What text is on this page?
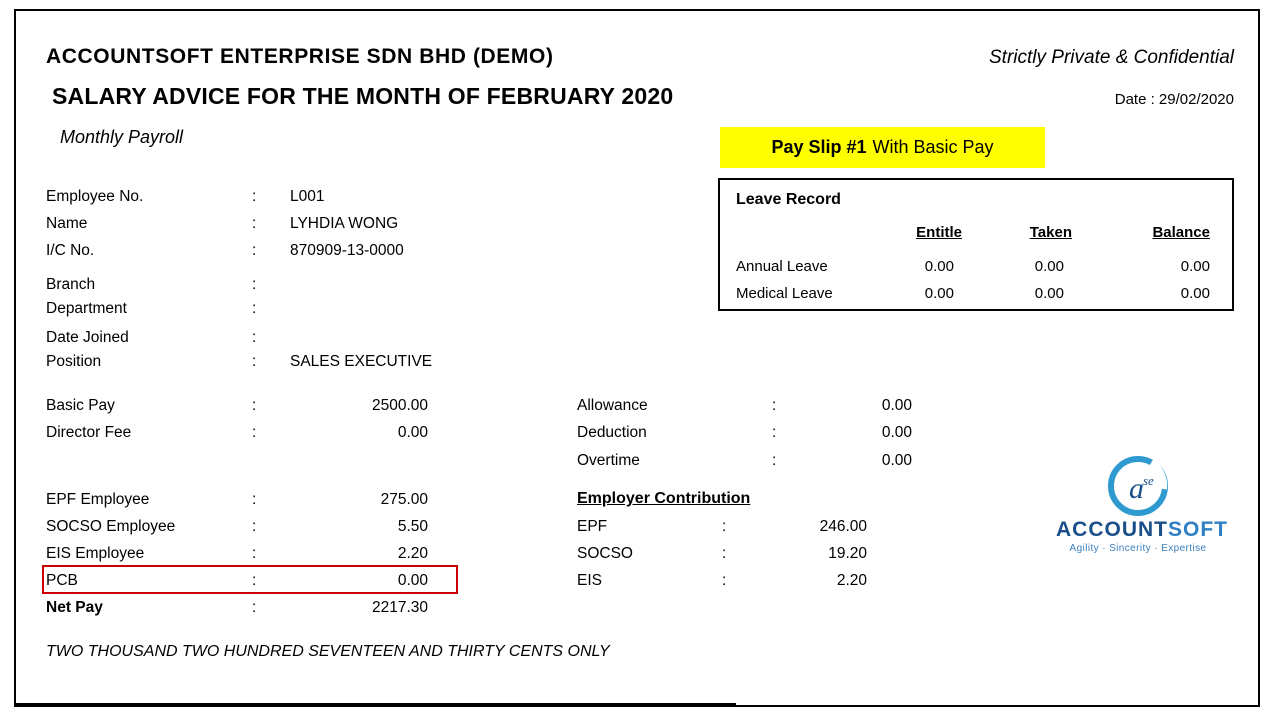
ACCOUNTSOFT ENTERPRISE SDN BHD (DEMO)	Strictly Private & Confidential
SALARY ADVICE FOR THE MONTH OF FEBRUARY 2020	Date : 29/02/2020
Monthly Payroll	Pay Slip #1 With Basic Pay
Leave Record
Entitle	Taken	Balance
Annual Leave	0.00	0.00	0.00
Medical Leave	0.00	0.00	0.00
Employee No.	: L001
Name	: LYHDIA WONG
I/C No.	: 870909-13-0000
Branch	:
Department	:
Date Joined	:
Position	: SALES EXECUTIVE
Basic Pay	:	2500.00
Director Fee	:	0.00
Allowance	:	0.00
Deduction	:	0.00
Overtime	:	0.00
EPF Employee	:	275.00
SOCSO Employee	:	5.50
EIS Employee	:	2.20
PCB	:	0.00
Net Pay	:	2217.30
Employer Contribution
EPF	:	246.00
SOCSO	:	19.20
EIS	:	2.20
TWO THOUSAND TWO HUNDRED SEVENTEEN AND THIRTY CENTS ONLY
a se
ACCOUNTSOFT
Agility · Sincerity · Expertise
